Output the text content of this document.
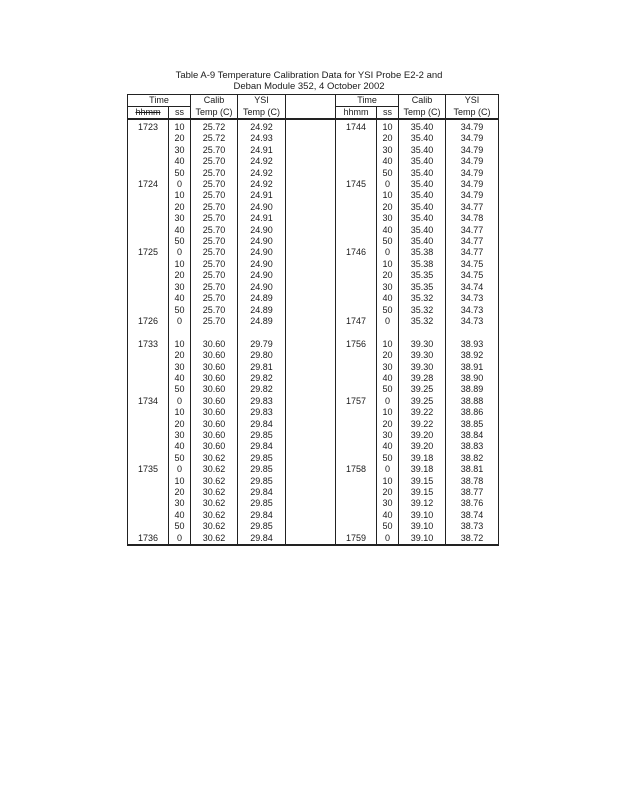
Table A-9 Temperature Calibration Data for YSI Probe E2-2 and
Deban Module 352, 4 October 2002
Time		Calib	YSI		Time		Calib	YSI
hhmm	ss	Temp (C)	Temp (C)		hhmm	ss	Temp (C)	Temp (C)
1723	10	25.72	24.92		1744	10	35.40	34.79
	20	25.72	24.93			20	35.40	34.79
	30	25.70	24.91			30	35.40	34.79
	40	25.70	24.92			40	35.40	34.79
	50	25.70	24.92			50	35.40	34.79
1724	0	25.70	24.92		1745	0	35.40	34.79
	10	25.70	24.91			10	35.40	34.79
	20	25.70	24.90			20	35.40	34.77
	30	25.70	24.91			30	35.40	34.78
	40	25.70	24.90			40	35.40	34.77
	50	25.70	24.90			50	35.40	34.77
1725	0	25.70	24.90		1746	0	35.38	34.77
	10	25.70	24.90			10	35.38	34.75
	20	25.70	24.90			20	35.35	34.75
	30	25.70	24.90			30	35.35	34.74
	40	25.70	24.89			40	35.32	34.73
	50	25.70	24.89			50	35.32	34.73
1726	0	25.70	24.89		1747	0	35.32	34.73

1733	10	30.60	29.79		1756	10	39.30	38.93
	20	30.60	29.80			20	39.30	38.92
	30	30.60	29.81			30	39.30	38.91
	40	30.60	29.82			40	39.28	38.90
	50	30.60	29.82			50	39.25	38.89
1734	0	30.60	29.83		1757	0	39.25	38.88
	10	30.60	29.83			10	39.22	38.86
	20	30.60	29.84			20	39.22	38.85
	30	30.60	29.85			30	39.20	38.84
	40	30.60	29.84			40	39.20	38.83
	50	30.62	29.85			50	39.18	38.82
1735	0	30.62	29.85		1758	0	39.18	38.81
	10	30.62	29.85			10	39.15	38.78
	20	30.62	29.84			20	39.15	38.77
	30	30.62	29.85			30	39.12	38.76
	40	30.62	29.84			40	39.10	38.74
	50	30.62	29.85			50	39.10	38.73
1736	0	30.62	29.84		1759	0	39.10	38.72
